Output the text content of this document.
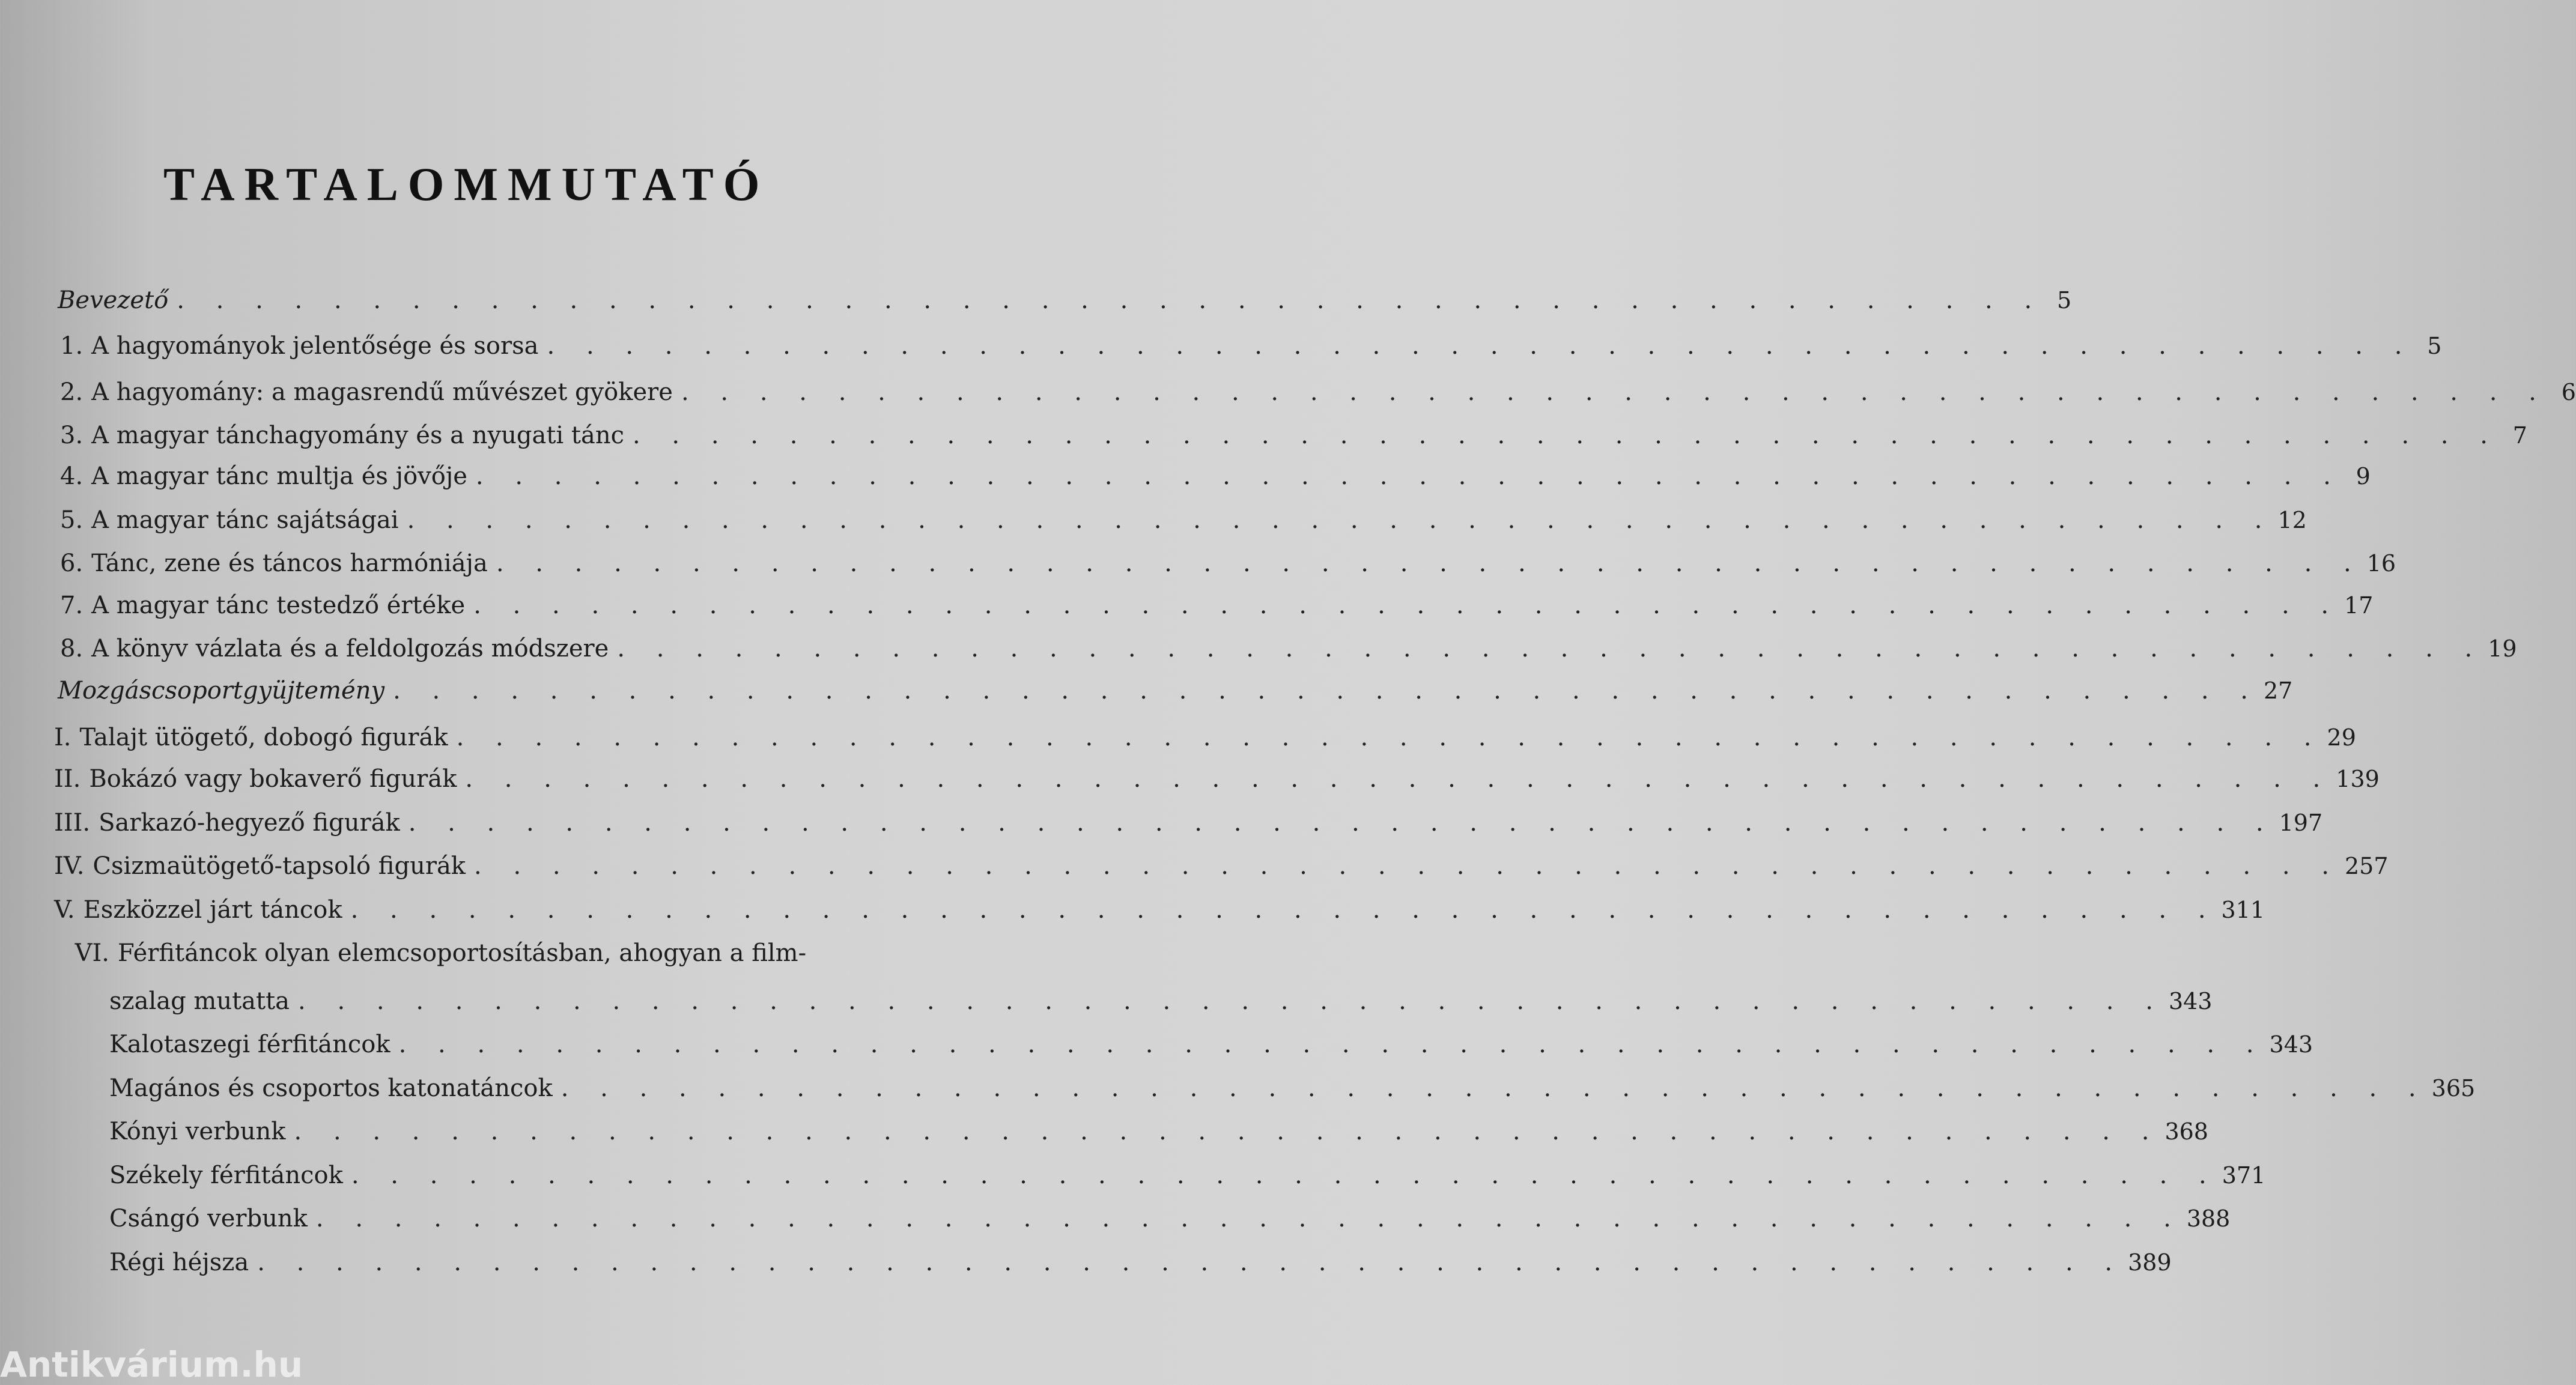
TARTALOMMUTATÓ
Bevezető . . .	5
1. A hagyományok jelentősége és sorsa . . .	5
2. A hagyomány: a magasrendű művészet gyökere . . .	6
3. A magyar tánchagyomány és a nyugati tánc . . .	7
4. A magyar tánc multja és jövője . . .	9
5. A magyar tánc sajátságai . . .	12
6. Tánc, zene és táncos harmóniája . . .	16
7. A magyar tánc testedző értéke . . .	17
8. A könyv vázlata és a feldolgozás módszere . . .	19
Mozgáscsoportgyüjtemény . . .	27
I. Talajt ütögető, dobogó figurák . . .	29
II. Bokázó vagy bokaverő figurák . . .	139
III. Sarkazó-hegyező figurák . . .	197
IV. Csizmaütögető-tapsoló figurák . . .	257
V. Eszközzel járt táncok . . .	311
VI. Férfitáncok olyan elemcsoportosításban, ahogyan a film-
szalag mutatta . . .	343
Kalotaszegi férfitáncok . . .	343
Magános és csoportos katonatáncok . . .	365
Kónyi verbunk . . .	368
Székely férfitáncok . . .	371
Csángó verbunk . . .	388
Régi héjsza . . .	389
Antikvárium.hu
